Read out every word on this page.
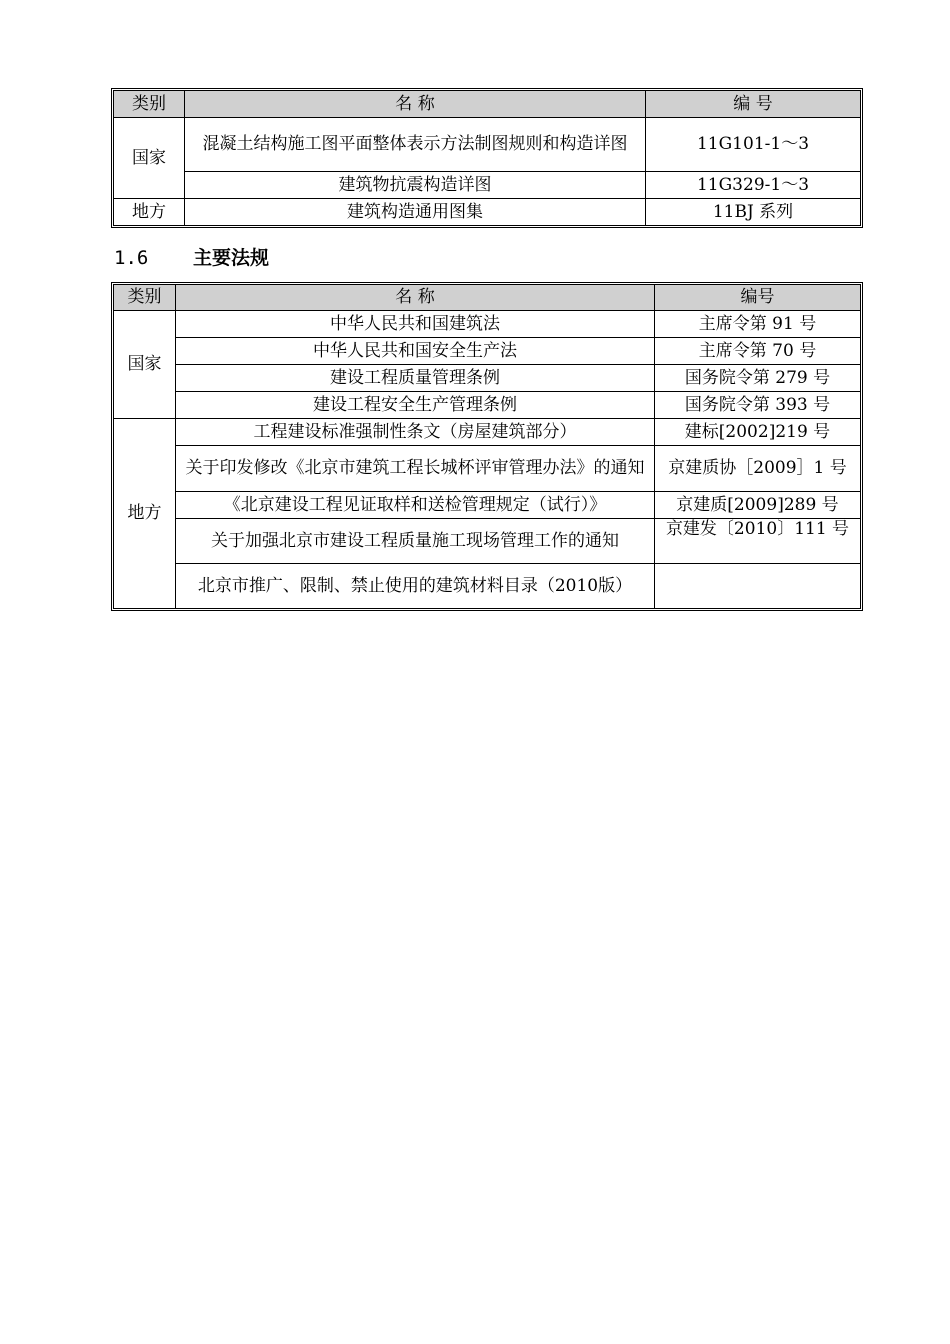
类别	名 称	编 号
国家	混凝土结构施工图平面整体表示方法制图规则和构造详图	11G101-1～3
	建筑物抗震构造详图	11G329-1～3
地方	建筑构造通用图集	11BJ 系列
1.6 主要法规
类别	名 称	编号
国家	中华人民共和国建筑法	主席令第 91 号
	中华人民共和国安全生产法	主席令第 70 号
	建设工程质量管理条例	国务院令第 279 号
	建设工程安全生产管理条例	国务院令第 393 号
地方	工程建设标准强制性条文（房屋建筑部分）	建标[2002]219 号
	关于印发修改《北京市建筑工程长城杯评审管理办法》的通知	京建质协［2009］1 号
	《北京建设工程见证取样和送检管理规定（试行）》	京建质[2009]289 号
	关于加强北京市建设工程质量施工现场管理工作的通知	京建发〔2010〕111 号
	北京市推广、限制、禁止使用的建筑材料目录（2010版）	
